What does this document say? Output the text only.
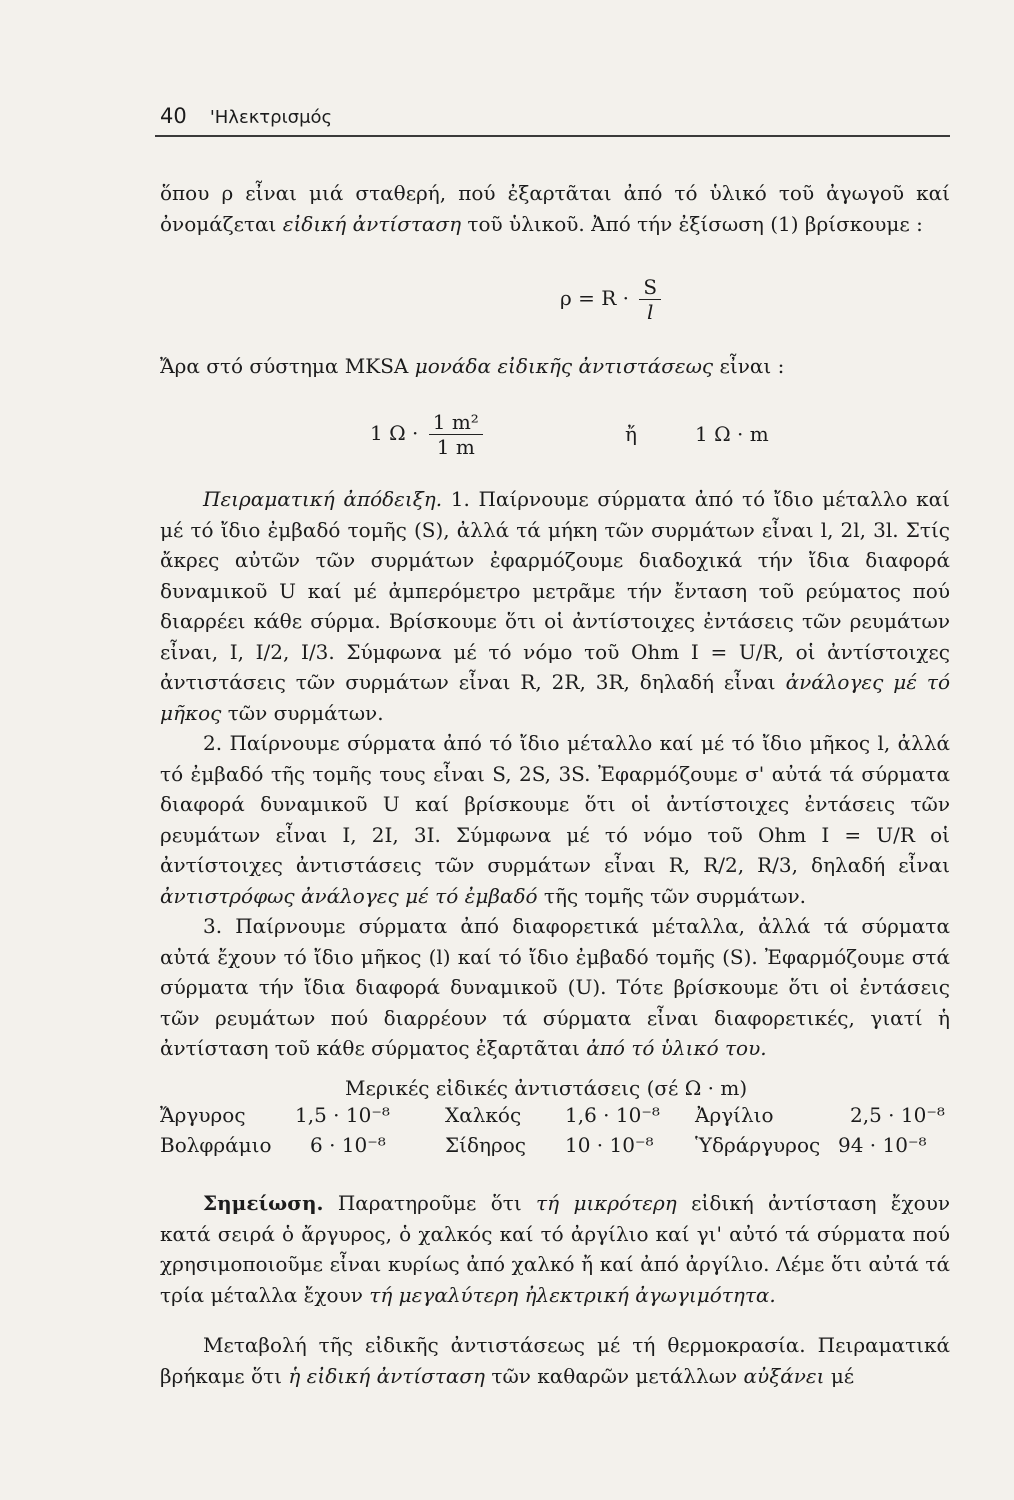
40 'Ηλεκτρισμός

ὅπου ρ εἶναι μιά σταθερή, πού ἐξαρτᾶται ἀπό τό ὑλικό τοῦ ἀγωγοῦ καί ὀνομάζεται εἰδική ἀντίσταση τοῦ ὑλικοῦ. Ἀπό τήν ἐξίσωση (1) βρίσκουμε :

$\rho = R \cdot \frac{S}{l}$

Ἄρα στό σύστημα MKSA μονάδα εἰδικῆς ἀντιστάσεως εἶναι :

1 $\Omega \cdot \frac{\text{1 m²}}{1 m}$	ἤ	1 Ω · m

Πειραματική ἀπόδειξη. 1. Παίρνουμε σύρματα ἀπό τό ἴδιο μέταλλο καί μέ τό ἴδιο ἐμβαδό τομῆς (S), ἀλλά τά μήκη τῶν συρμάτων εἶναι l, 2l, 3l. Στίς ἄκρες αὐτῶν τῶν συρμάτων ἐφαρμόζουμε διαδοχικά τήν ἴδια διαφορά δυναμικοῦ U καί μέ ἀμπερόμετρο μετρᾶμε τήν ἔνταση τοῦ ρεύματος πού διαρρέει κάθε σύρμα. Βρίσκουμε ὅτι οἱ ἀντίστοιχες ἐντάσεις τῶν ρευμάτων εἶναι, I, I/2, I/3. Σύμφωνα μέ τό νόμο τοῦ Ohm I = U/R, οἱ ἀντίστοιχες ἀντιστάσεις τῶν συρμάτων εἶναι R, 2R, 3R, δηλαδή εἶναι ἀνάλογες μέ τό μῆκος τῶν συρμάτων.

2. Παίρνουμε σύρματα ἀπό τό ἴδιο μέταλλο καί μέ τό ἴδιο μῆκος l, ἀλλά τό ἐμβαδό τῆς τομῆς τους εἶναι S, 2S, 3S. Ἐφαρμόζουμε σ' αὐτά τά σύρματα διαφορά δυναμικοῦ U καί βρίσκουμε ὅτι οἱ ἀντίστοιχες ἐντάσεις τῶν ρευμάτων εἶναι I, 2I, 3I. Σύμφωνα μέ τό νόμο τοῦ Ohm I = U/R οἱ ἀντίστοιχες ἀντιστάσεις τῶν συρμάτων εἶναι R, R/2, R/3, δηλαδή εἶναι ἀντιστρόφως ἀνάλογες μέ τό ἐμβαδό τῆς τομῆς τῶν συρμάτων.

3. Παίρνουμε σύρματα ἀπό διαφορετικά μέταλλα, ἀλλά τά σύρματα αὐτά ἔχουν τό ἴδιο μῆκος (l) καί τό ἴδιο ἐμβαδό τομῆς (S). Ἐφαρμόζουμε στά σύρματα τήν ἴδια διαφορά δυναμικοῦ (U). Τότε βρίσκουμε ὅτι οἱ ἐντάσεις τῶν ρευμάτων πού διαρρέουν τά σύρματα εἶναι διαφορετικές, γιατί ἡ ἀντίσταση τοῦ κάθε σύρματος ἐξαρτᾶται ἀπό τό ὑλικό του.

Μερικές εἰδικές ἀντιστάσεις (σέ Ω · m)
Ἄργυρος 1,5 · 10⁻⁸	Χαλκός 1,6 · 10⁻⁸ Ἀργίλιο	2,5 · 10⁻⁸
Βολφράμιο 6 · 10⁻⁸	Σίδηρος 10 · 10⁻⁸ Ὑδράργυρος 94 · 10⁻⁸

Σημείωση. Παρατηροῦμε ὅτι τή μικρότερη εἰδική ἀντίσταση ἔχουν κατά σειρά ὁ ἄργυρος, ὁ χαλκός καί τό ἀργίλιο καί γι' αὐτό τά σύρματα πού χρησιμοποιοῦμε εἶναι κυρίως ἀπό χαλκό ἤ καί ἀπό ἀργίλιο. Λέμε ὅτι αὐτά τά τρία μέταλλα ἔχουν τή μεγαλύτερη ἠλεκτρική ἀγωγιμότητα.

Μεταβολή τῆς εἰδικῆς ἀντιστάσεως μέ τή θερμοκρασία. Πειραματικά βρήκαμε ὅτι ἡ εἰδική ἀντίσταση τῶν καθαρῶν μετάλλων αὐξάνει μέ
